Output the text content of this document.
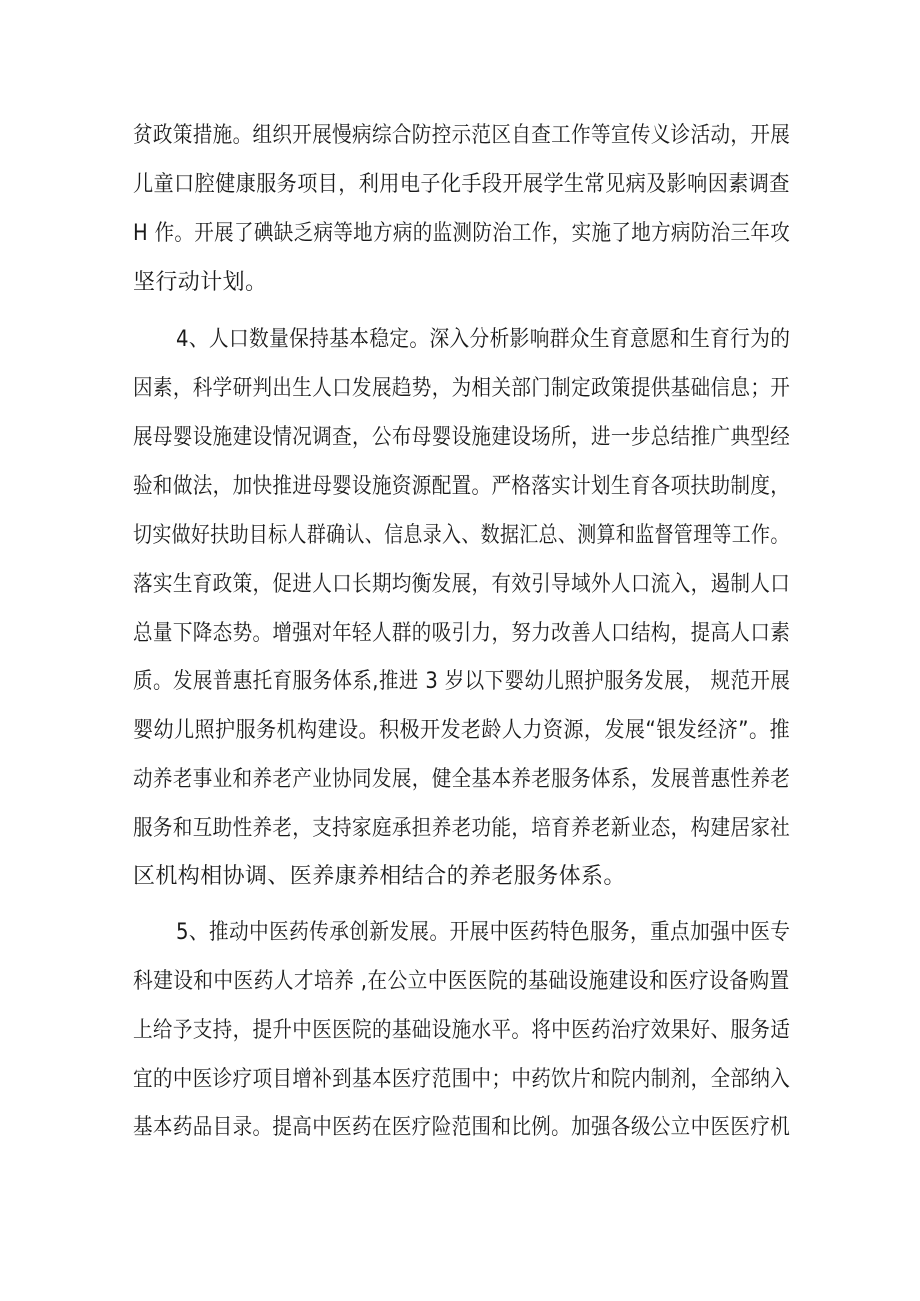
贫政策措施。组织开展慢病综合防控示范区自查工作等宣传义诊活动，开展
儿童口腔健康服务项目，利用电子化手段开展学生常见病及影响因素调查
H 作。开展了碘缺乏病等地方病的监测防治工作，实施了地方病防治三年攻
坚行动计划。
4、人口数量保持基本稳定。深入分析影响群众生育意愿和生育行为的
因素，科学研判出生人口发展趋势，为相关部门制定政策提供基础信息；开
展母婴设施建设情况调查，公布母婴设施建设场所，进一步总结推广典型经
验和做法，加快推进母婴设施资源配置。严格落实计划生育各项扶助制度，
切实做好扶助目标人群确认、信息录入、数据汇总、测算和监督管理等工作。
落实生育政策，促进人口长期均衡发展，有效引导域外人口流入，遏制人口
总量下降态势。增强对年轻人群的吸引力，努力改善人口结构，提高人口素
质。发展普惠托育服务体系,推进 3 岁以下婴幼儿照护服务发展， 规范开展
婴幼儿照护服务机构建设。积极开发老龄人力资源，发展“银发经济”。推
动养老事业和养老产业协同发展，健全基本养老服务体系，发展普惠性养老
服务和互助性养老，支持家庭承担养老功能，培育养老新业态，构建居家社
区机构相协调、医养康养相结合的养老服务体系。
5、推动中医药传承创新发展。开展中医药特色服务，重点加强中医专
科建设和中医药人才培养 ,在公立中医医院的基础设施建设和医疗设备购置
上给予支持，提升中医医院的基础设施水平。将中医药治疗效果好、服务适
宜的中医诊疗项目增补到基本医疗范围中；中药饮片和院内制剂，全部纳入
基本药品目录。提高中医药在医疗险范围和比例。加强各级公立中医医疗机
